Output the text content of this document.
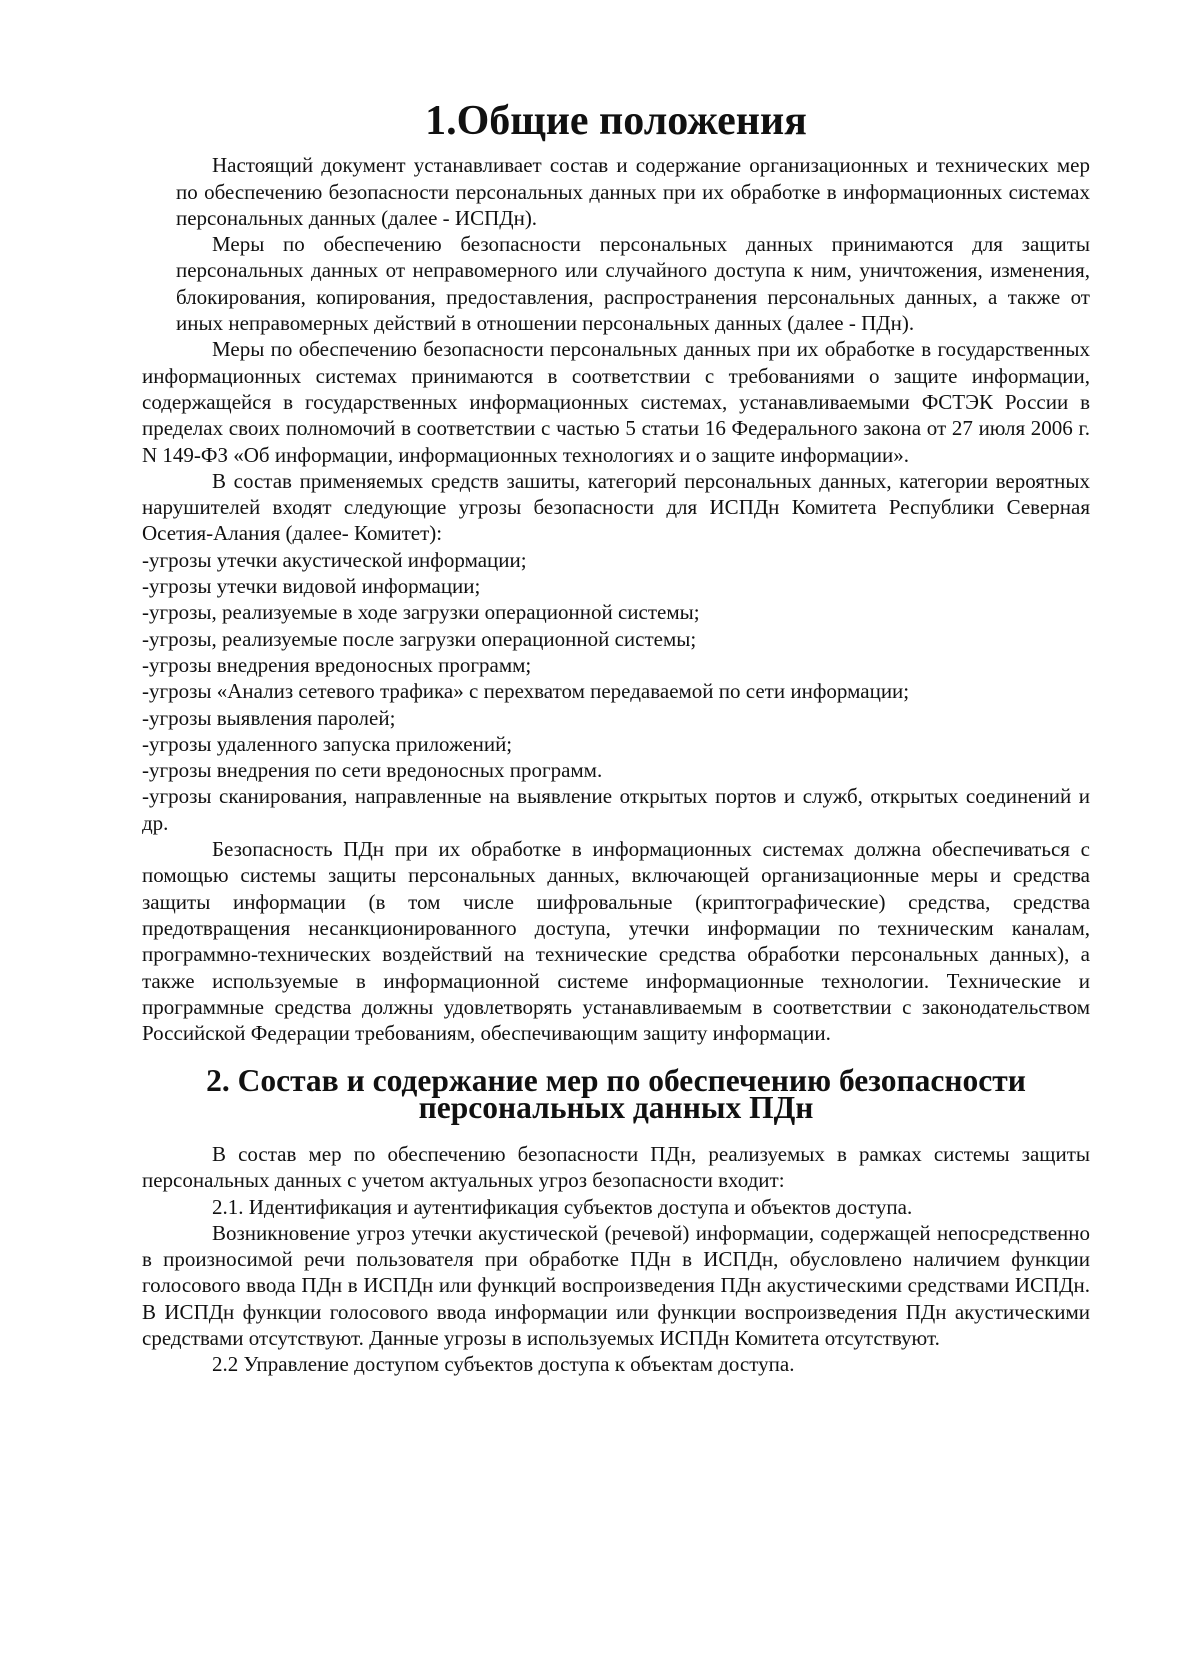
1.Общие положения

Настоящий документ устанавливает состав и содержание организационных и технических мер по обеспечению безопасности персональных данных при их обработке в информационных системах персональных данных (далее - ИСПДн).

Меры по обеспечению безопасности персональных данных принимаются для защиты персональных данных от неправомерного или случайного доступа к ним, уничтожения, изменения, блокирования, копирования, предоставления, распространения персональных данных, а также от иных неправомерных действий в отношении персональных данных (далее - ПДн).

Меры по обеспечению безопасности персональных данных при их обработке в государственных информационных системах принимаются в соответствии с требованиями о защите информации, содержащейся в государственных информационных системах, устанавливаемыми ФСТЭК России в пределах своих полномочий в соответствии с частью 5 статьи 16 Федерального закона от 27 июля 2006 г. N 149-ФЗ «Об информации, информационных технологиях и о защите информации».

В состав применяемых средств зашиты, категорий персональных данных, категории вероятных нарушителей входят следующие угрозы безопасности для ИСПДн Комитета Республики Северная Осетия-Алания (далее- Комитет):

-угрозы утечки акустической информации;
-угрозы утечки видовой информации;
-угрозы, реализуемые в ходе загрузки операционной системы;
-угрозы, реализуемые после загрузки операционной системы;
-угрозы внедрения вредоносных программ;
-угрозы «Анализ сетевого трафика» с перехватом передаваемой по сети информации;
-угрозы выявления паролей;
-угрозы удаленного запуска приложений;
-угрозы внедрения по сети вредоносных программ.
-угрозы сканирования, направленные на выявление открытых портов и служб, открытых соединений и др.

Безопасность ПДн при их обработке в информационных системах должна обеспечиваться с помощью системы защиты персональных данных, включающей организационные меры и средства защиты информации (в том числе шифровальные (криптографические) средства, средства предотвращения несанкционированного доступа, утечки информации по техническим каналам, программно-технических воздействий на технические средства обработки персональных данных), а также используемые в информационной системе информационные технологии. Технические и программные средства должны удовлетворять устанавливаемым в соответствии с законодательством Российской Федерации требованиям, обеспечивающим защиту информации.

2. Состав и содержание мер по обеспечению безопасности
персональных данных ПДн

В состав мер по обеспечению безопасности ПДн, реализуемых в рамках системы защиты персональных данных с учетом актуальных угроз безопасности входит:

2.1. Идентификация и аутентификация субъектов доступа и объектов доступа.

Возникновение угроз утечки акустической (речевой) информации, содержащей непосредственно в произносимой речи пользователя при обработке ПДн в ИСПДн, обусловлено наличием функции голосового ввода ПДн в ИСПДн или функций воспроизведения ПДн акустическими средствами ИСПДн. В ИСПДн функции голосового ввода информации или функции воспроизведения ПДн акустическими средствами отсутствуют. Данные угрозы в используемых ИСПДн Комитета отсутствуют.

2.2 Управление доступом субъектов доступа к объектам доступа.
